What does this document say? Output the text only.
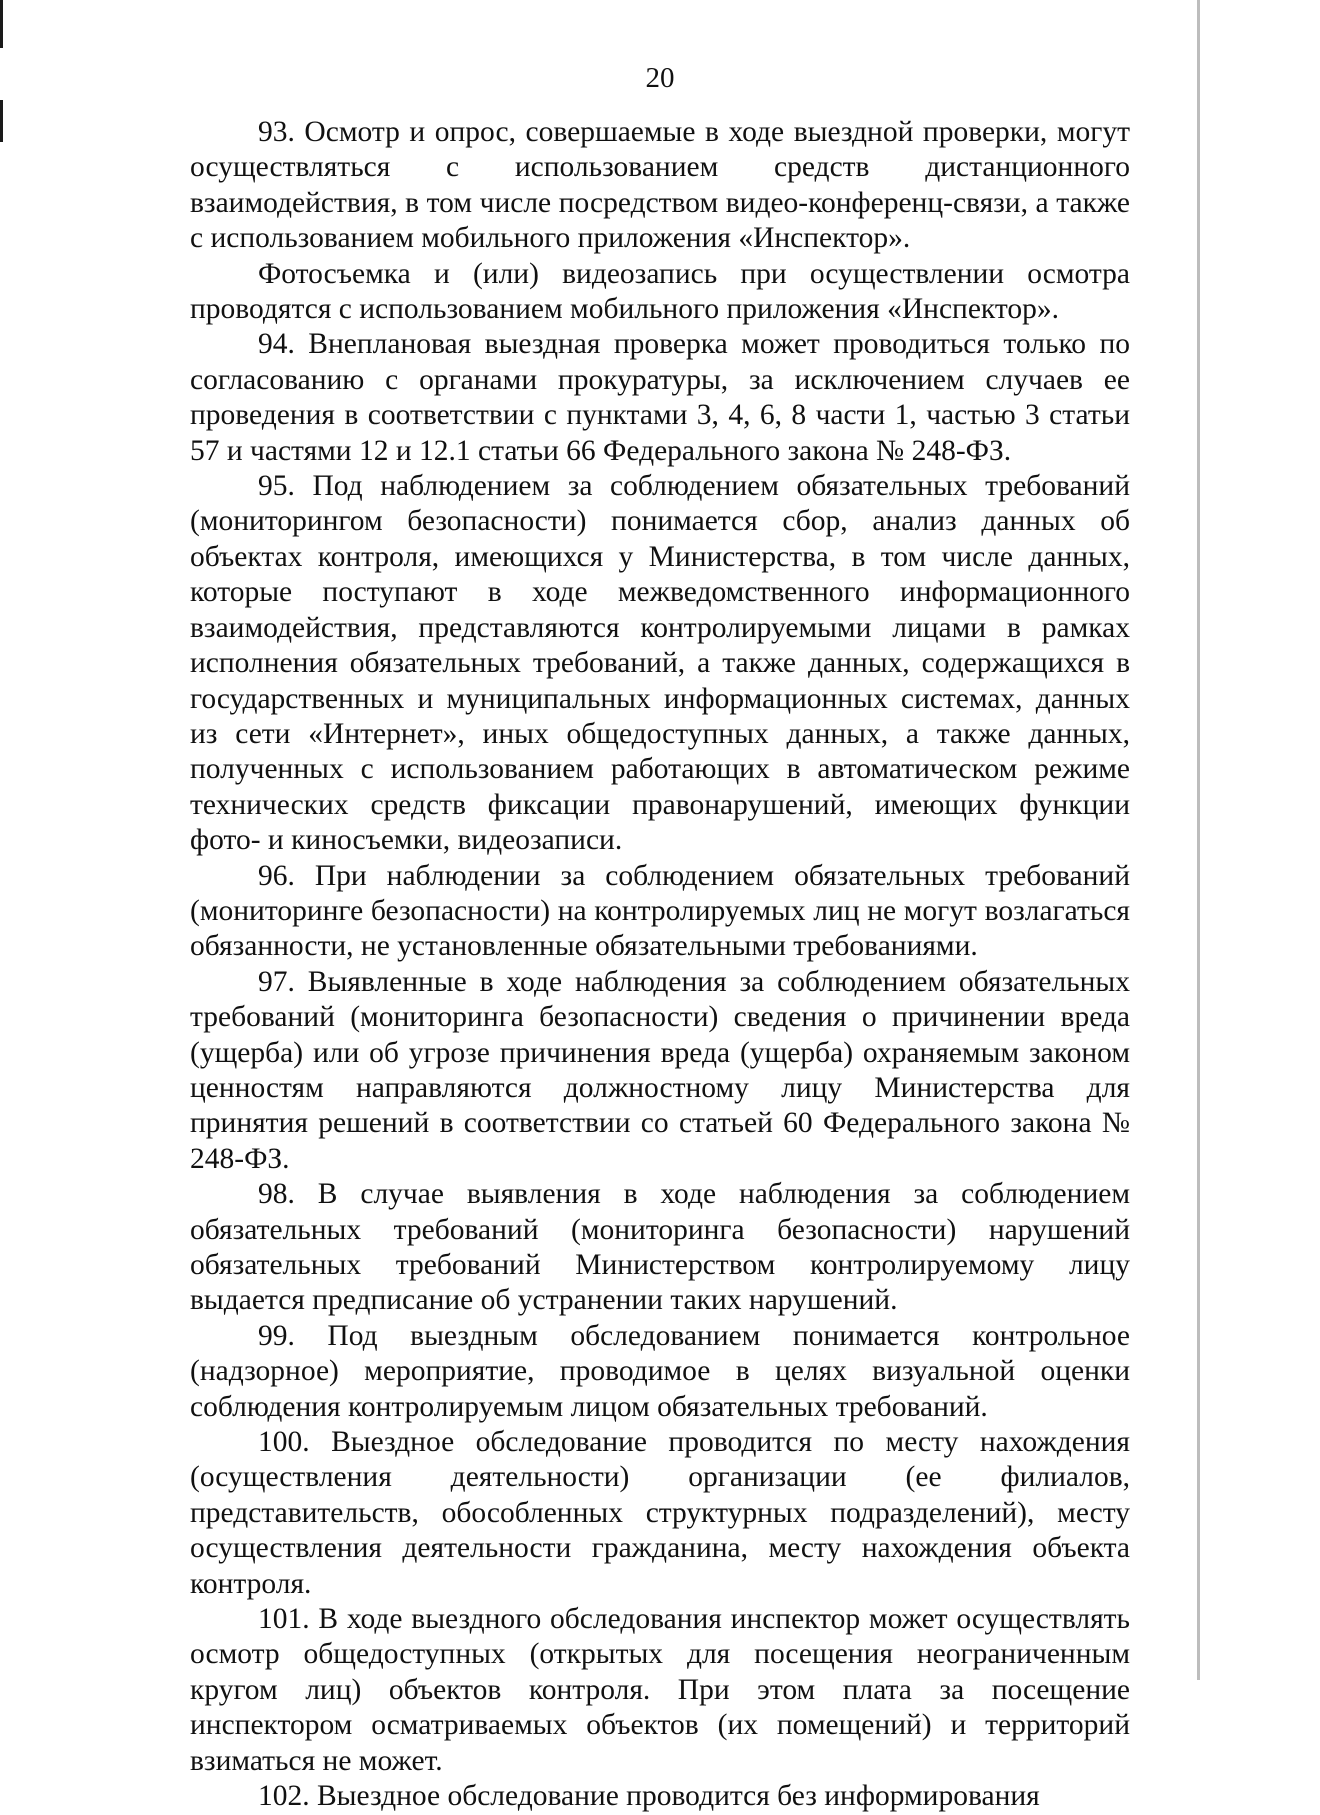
20

93. Осмотр и опрос, совершаемые в ходе выездной проверки, могут осуществляться с использованием средств дистанционного взаимодействия, в том числе посредством видео-конференц-связи, а также с использованием мобильного приложения «Инспектор».

Фотосъемка и (или) видеозапись при осуществлении осмотра проводятся с использованием мобильного приложения «Инспектор».

94. Внеплановая выездная проверка может проводиться только по согласованию с органами прокуратуры, за исключением случаев ее проведения в соответствии с пунктами 3, 4, 6, 8 части 1, частью 3 статьи 57 и частями 12 и 12.1 статьи 66 Федерального закона № 248-ФЗ.

95. Под наблюдением за соблюдением обязательных требований (мониторингом безопасности) понимается сбор, анализ данных об объектах контроля, имеющихся у Министерства, в том числе данных, которые поступают в ходе межведомственного информационного взаимодействия, представляются контролируемыми лицами в рамках исполнения обязательных требований, а также данных, содержащихся в государственных и муниципальных информационных системах, данных из сети «Интернет», иных общедоступных данных, а также данных, полученных с использованием работающих в автоматическом режиме технических средств фиксации правонарушений, имеющих функции фото- и киносъемки, видеозаписи.

96. При наблюдении за соблюдением обязательных требований (мониторинге безопасности) на контролируемых лиц не могут возлагаться обязанности, не установленные обязательными требованиями.

97. Выявленные в ходе наблюдения за соблюдением обязательных требований (мониторинга безопасности) сведения о причинении вреда (ущерба) или об угрозе причинения вреда (ущерба) охраняемым законом ценностям направляются должностному лицу Министерства для принятия решений в соответствии со статьей 60 Федерального закона № 248-ФЗ.

98. В случае выявления в ходе наблюдения за соблюдением обязательных требований (мониторинга безопасности) нарушений обязательных требований Министерством контролируемому лицу выдается предписание об устранении таких нарушений.

99. Под выездным обследованием понимается контрольное (надзорное) мероприятие, проводимое в целях визуальной оценки соблюдения контролируемым лицом обязательных требований.

100. Выездное обследование проводится по месту нахождения (осуществления деятельности) организации (ее филиалов, представительств, обособленных структурных подразделений), месту осуществления деятельности гражданина, месту нахождения объекта контроля.

101. В ходе выездного обследования инспектор может осуществлять осмотр общедоступных (открытых для посещения неограниченным кругом лиц) объектов контроля. При этом плата за посещение инспектором осматриваемых объектов (их помещений) и территорий взиматься не может.

102. Выездное обследование проводится без информирования
